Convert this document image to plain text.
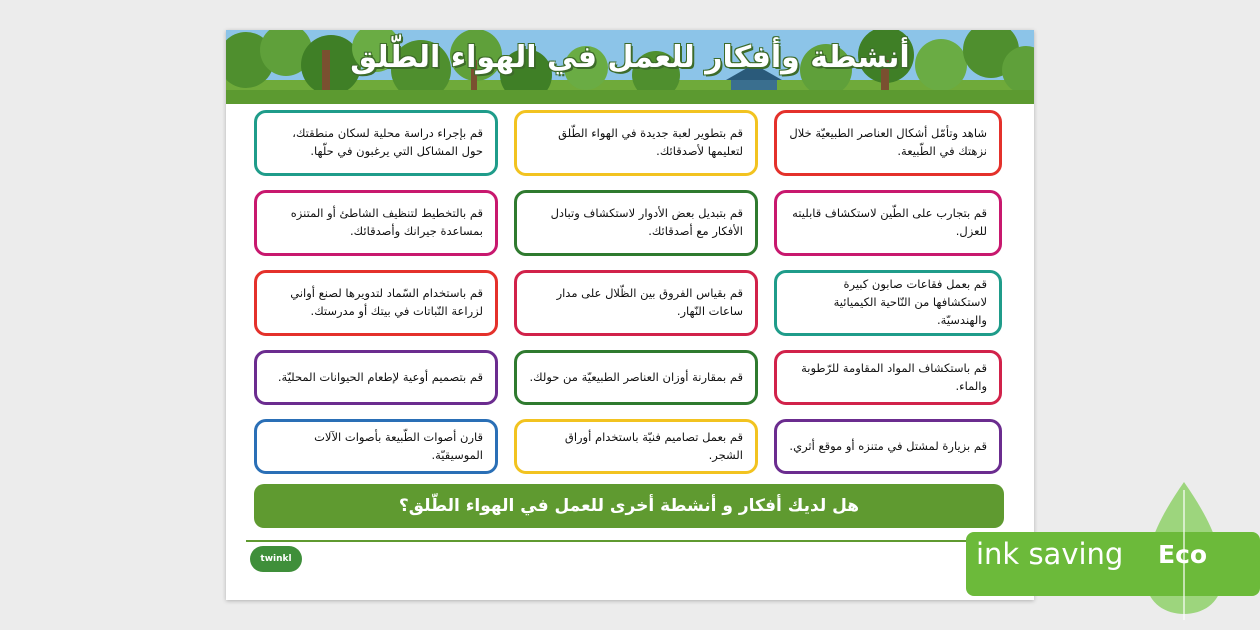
أنشطة وأفكار للعمل في الهواء الطّلق
قم بإجراء دراسة محلية لسكان منطقتك، حول المشاكل التي يرغبون في حلّها.
قم بتطوير لعبة جديدة في الهواء الطّلق لتعليمها لأصدقائك.
شاهد وتأمّل أشكال العناصر الطبيعيّة خلال نزهتك في الطّبيعة.
قم بالتخطيط لتنظيف الشاطئ أو المتنزه بمساعدة جيرانك وأصدقائك.
قم بتبديل بعض الأدوار لاستكشاف وتبادل الأفكار مع أصدقائك.
قم بتجارب على الطّين لاستكشاف قابليته للعزل.
قم باستخدام السّماد لتدويرها لصنع أواني لزراعة النّباتات في بيتك أو مدرستك.
قم بقياس الفروق بين الظّلال على مدار ساعات النّهار.
قم بعمل فقاعات صابون كبيرة لاستكشافها من النّاحية الكيميائية والهندسيّة.
قم بتصميم أوعية لإطعام الحيوانات المحليّة.	قم بمقارنة أوزان العناصر الطبيعيّة من حولك.
قم باستكشاف المواد المقاومة للرّطوبة والماء.
قارن أصوات الطّبيعة بأصوات الآلات الموسيقيّة.
قم بعمل تصاميم فنيّة باستخدام أوراق الشجر.
قم بزيارة لمشتل في متنزه أو موقع أثري.
هل لديك أفكار و أنشطة أخرى للعمل في الهواء الطّلق؟
twinkl	ink saving Eco
